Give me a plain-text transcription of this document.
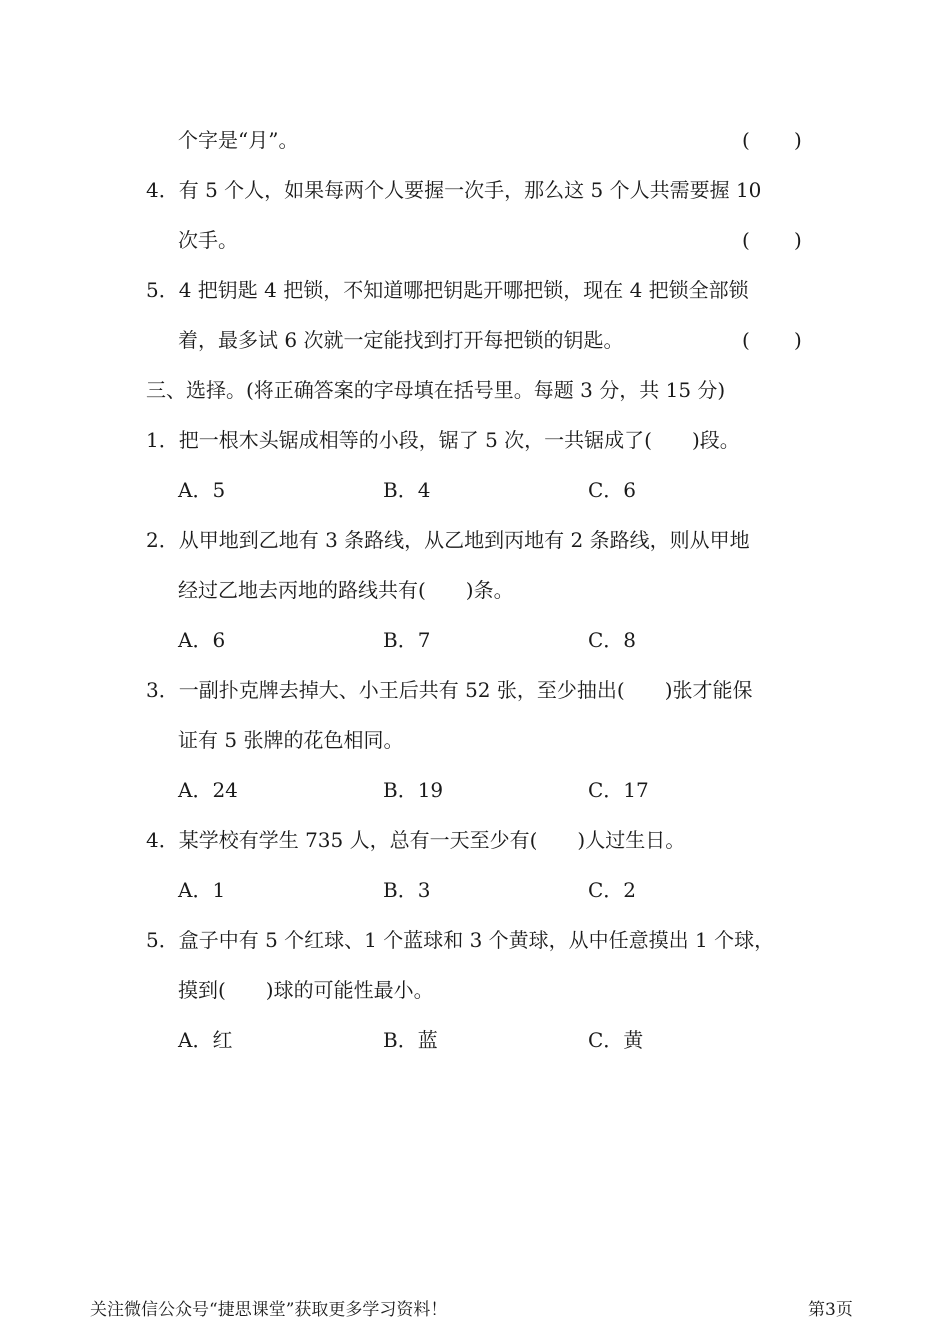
个字是“月”。	( )
4．有 5 个人，如果每两个人要握一次手，那么这 5 个人共需要握 10
次手。	( )
5．4 把钥匙 4 把锁，不知道哪把钥匙开哪把锁，现在 4 把锁全部锁
着，最多试 6 次就一定能找到打开每把锁的钥匙。	( )
三、选择。(将正确答案的字母填在括号里。每题 3 分，共 15 分)
1．把一根木头锯成相等的小段，锯了 5 次，一共锯成了(　　)段。
A．5	B．4	C．6
2．从甲地到乙地有 3 条路线，从乙地到丙地有 2 条路线，则从甲地
经过乙地去丙地的路线共有(　　)条。
A．6	B．7	C．8
3．一副扑克牌去掉大、小王后共有 52 张，至少抽出(　　)张才能保
证有 5 张牌的花色相同。
A．24	B．19	C．17
4．某学校有学生 735 人，总有一天至少有(　　)人过生日。
A．1	B．3	C．2
5．盒子中有 5 个红球、1 个蓝球和 3 个黄球，从中任意摸出 1 个球，
摸到(　　)球的可能性最小。
A．红	B．蓝	C．黄
关注微信公众号“捷思课堂”获取更多学习资料！	第3页
